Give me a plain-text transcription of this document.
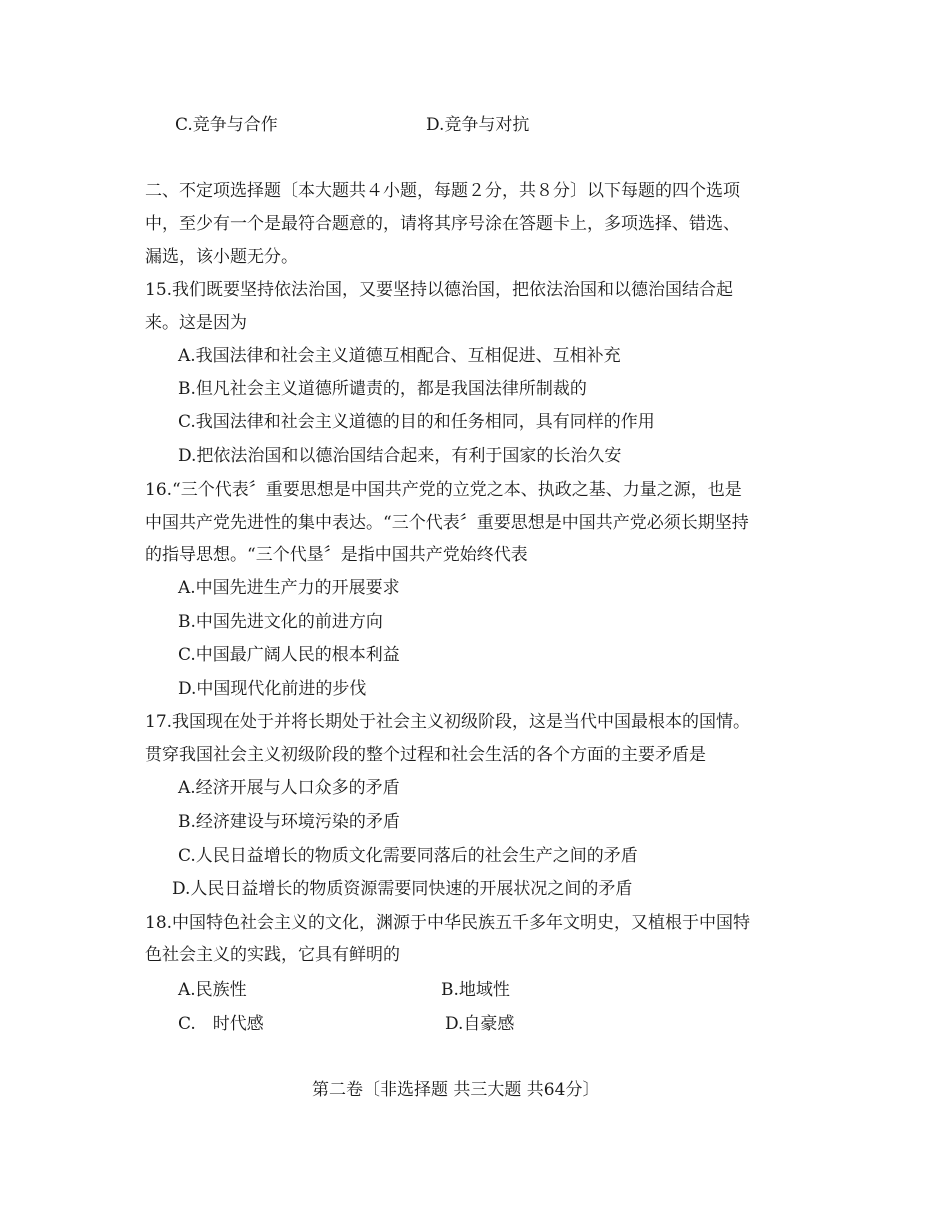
C.竞争与合作	D.竞争与对抗
二、不定项选择题〔本大题共４小题，每题２分，共８分〕以下每题的四个选项
中，至少有一个是最符合题意的，请将其序号涂在答题卡上，多项选择、错选、
漏选，该小题无分。
15.我们既要坚持依法治国，又要坚持以德治国，把依法治国和以德治国结合起
来。这是因为
A.我国法律和社会主义道德互相配合、互相促进、互相补充
B.但凡社会主义道德所谴责的，都是我国法律所制裁的
C.我国法律和社会主义道德的目的和任务相同，具有同样的作用
D.把依法治国和以德治国结合起来，有利于国家的长治久安
16.“三个代表〞重要思想是中国共产党的立党之本、执政之基、力量之源，也是
中国共产党先进性的集中表达。“三个代表〞重要思想是中国共产党必须长期坚持
的指导思想。“三个代垦〞是指中国共产党始终代表
A.中国先进生产力的开展要求
B.中国先进文化的前进方向
C.中国最广阔人民的根本利益
D.中国现代化前进的步伐
17.我国现在处于并将长期处于社会主义初级阶段，这是当代中国最根本的国情。
贯穿我国社会主义初级阶段的整个过程和社会生活的各个方面的主要矛盾是
A.经济开展与人口众多的矛盾
B.经济建设与环境污染的矛盾
C.人民日益增长的物质文化需要同落后的社会生产之间的矛盾
D.人民日益增长的物质资源需要同快速的开展状况之间的矛盾
18.中国特色社会主义的文化，渊源于中华民族五千多年文明史，又植根于中国特
色社会主义的实践，它具有鲜明的
A.民族性	B.地域性
C.　时代感	D.自豪感
第二卷〔非选择题 共三大题 共64分〕
